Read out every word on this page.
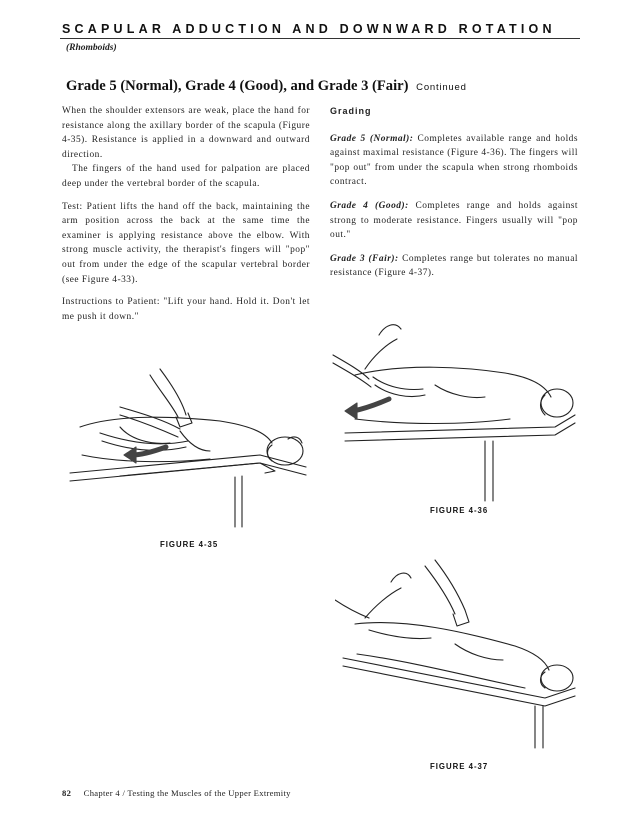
SCAPULAR ADDUCTION AND DOWNWARD ROTATION
(Rhomboids)
Grade 5 (Normal), Grade 4 (Good), and Grade 3 (Fair) Continued

When the shoulder extensors are weak, place the hand for resistance along the axillary border of the scapula (Figure 4-35). Resistance is applied in a downward and outward direction.

The fingers of the hand used for palpation are placed deep under the vertebral border of the scapula.

Test: Patient lifts the hand off the back, maintaining the arm position across the back at the same time the examiner is applying resistance above the elbow. With strong muscle activity, the therapist's fingers will "pop" out from under the edge of the scapular vertebral border (see Figure 4-33).

Instructions to Patient: "Lift your hand. Hold it. Don't let me push it down."

Grading

Grade 5 (Normal): Completes available range and holds against maximal resistance (Figure 4-36). The fingers will "pop out" from under the scapula when strong rhomboids contract.

Grade 4 (Good): Completes range and holds against strong to moderate resistance. Fingers usually will "pop out."

Grade 3 (Fair): Completes range but tolerates no manual resistance (Figure 4-37).

FIGURE 4-35
FIGURE 4-36
FIGURE 4-37
82 Chapter 4 / Testing the Muscles of the Upper Extremity
